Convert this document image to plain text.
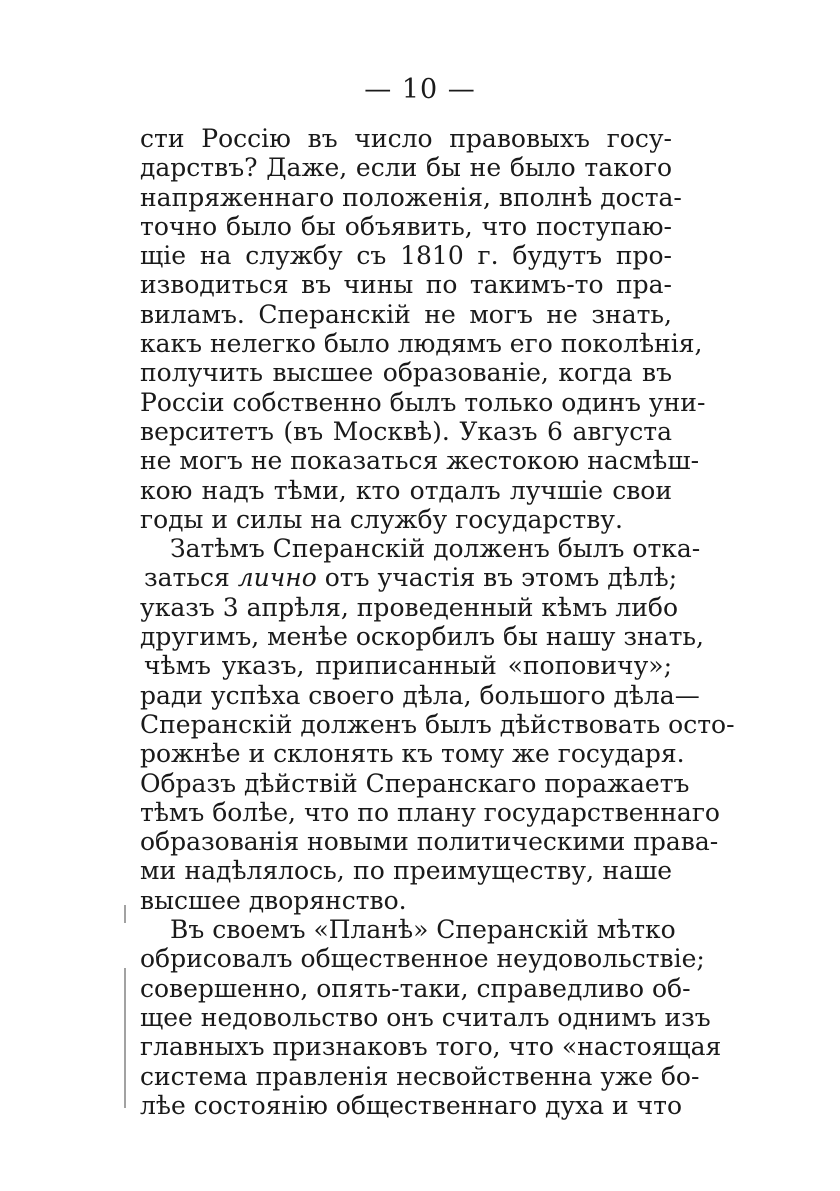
— 10 —
сти Россію въ число правовыхъ госу-
дарствъ? Даже, если бы не было такого
напряженнаго положенія, вполнѣ доста-
точно было бы объявить, что поступаю-
щіе на службу съ 1810 г. будутъ про-
изводиться въ чины по такимъ-то пра-
виламъ. Сперанскій не могъ не знать,
какъ нелегко было людямъ его поколѣнія,
получить высшее образованіе, когда въ
Россіи собственно былъ только одинъ уни-
верситетъ (въ Москвѣ). Указъ 6 августа
не могъ не показаться жестокою насмѣш-
кою надъ тѣми, кто отдалъ лучшіе свои
годы и силы на службу государству.
Затѣмъ Сперанскій долженъ былъ отка-
заться лично отъ участія въ этомъ дѣлѣ;
указъ 3 апрѣля, проведенный кѣмъ либо
другимъ, менѣе оскорбилъ бы нашу знать,
чѣмъ указъ, приписанный «поповичу»;
ради успѣха своего дѣла, большого дѣла—
Сперанскій долженъ былъ дѣйствовать осто-
рожнѣе и склонять къ тому же государя.
Образъ дѣйствій Сперанскаго поражаетъ
тѣмъ болѣе, что по плану государственнаго
образованія новыми политическими права-
ми надѣлялось, по преимуществу, наше
высшее дворянство.
Въ своемъ «Планѣ» Сперанскій мѣтко
обрисовалъ общественное неудовольствіе;
совершенно, опять-таки, справедливо об-
щее недовольство онъ считалъ однимъ изъ
главныхъ признаковъ того, что «настоящая
система правленія несвойственна уже бо-
лѣе состоянію общественнаго духа и что
